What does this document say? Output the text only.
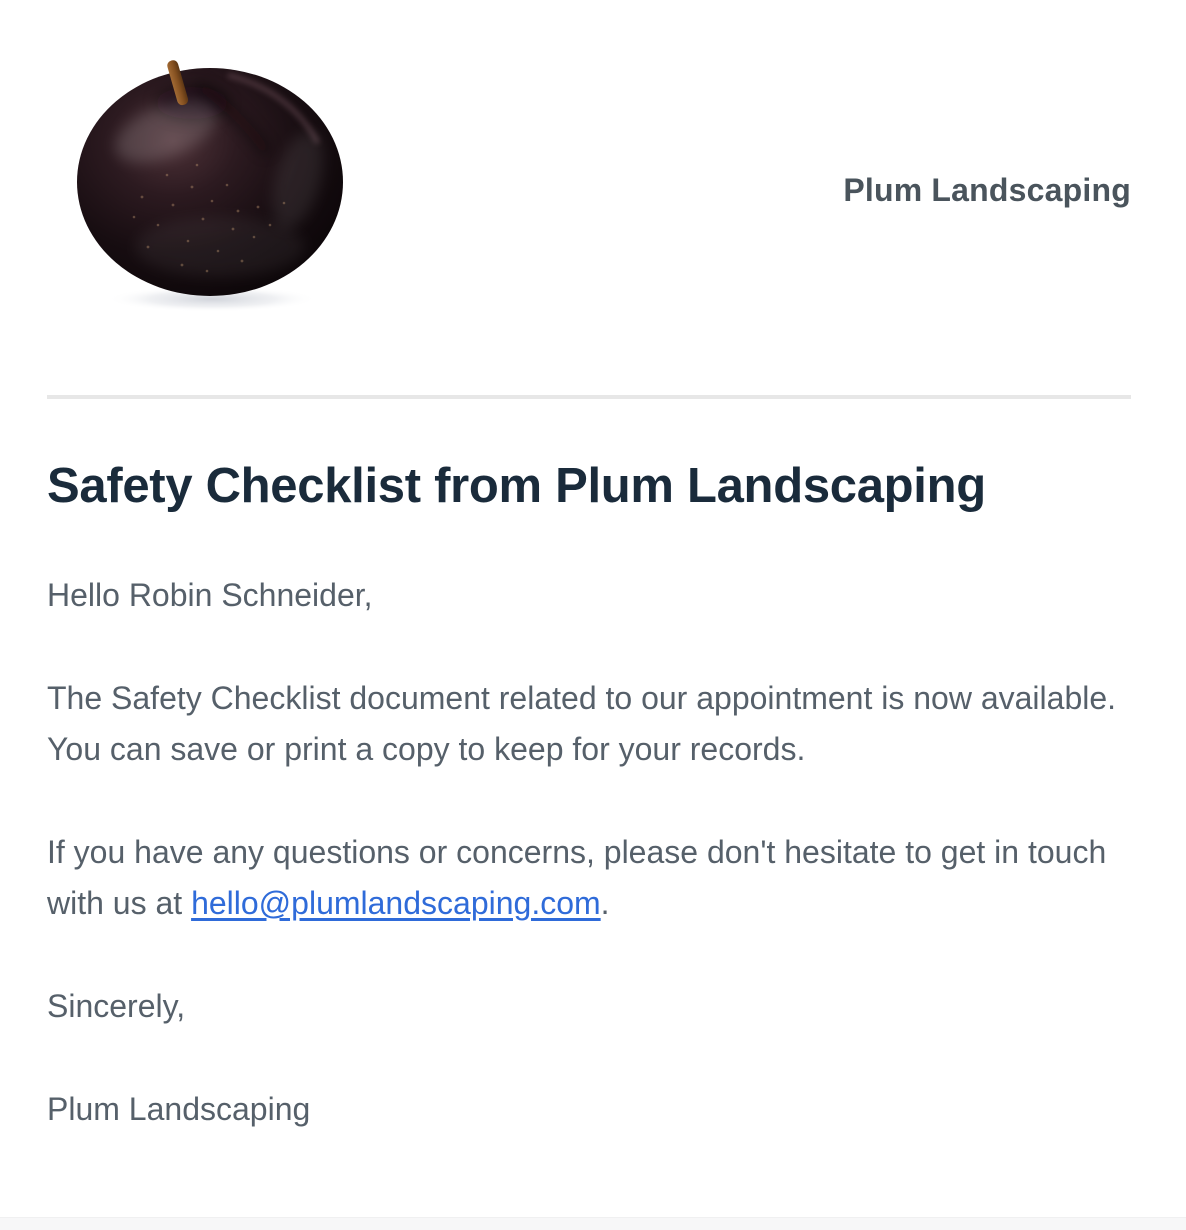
Plum Landscaping
Safety Checklist from Plum Landscaping

Hello Robin Schneider,

The Safety Checklist document related to our appointment is now available. You can save or print a copy to keep for your records.

If you have any questions or concerns, please don't hesitate to get in touch with us at hello@plumlandscaping.com.

Sincerely,

Plum Landscaping
